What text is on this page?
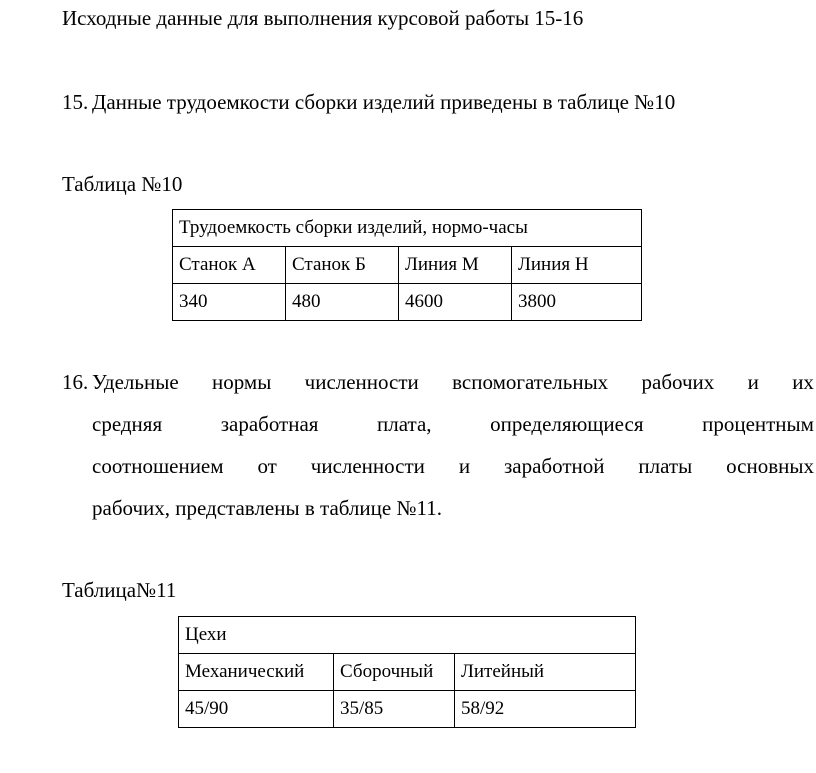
Исходные данные для выполнения курсовой работы 15-16
15. Данные трудоемкости сборки изделий приведены в таблице №10
Таблица №10
Трудоемкость сборки изделий, нормо-часы			
Станок А	Станок Б	Линия М	Линия Н
340	480	4600	3800
16. Удельные нормы численности вспомогательных рабочих и их
средняя	заработная	плата,	определяющиеся	процентным
соотношением от численности и заработной платы основных
рабочих, представлены в таблице №11.
Таблица№11
Цехи		
Механический	Сборочный	Литейный
45/90	35/85	58/92
